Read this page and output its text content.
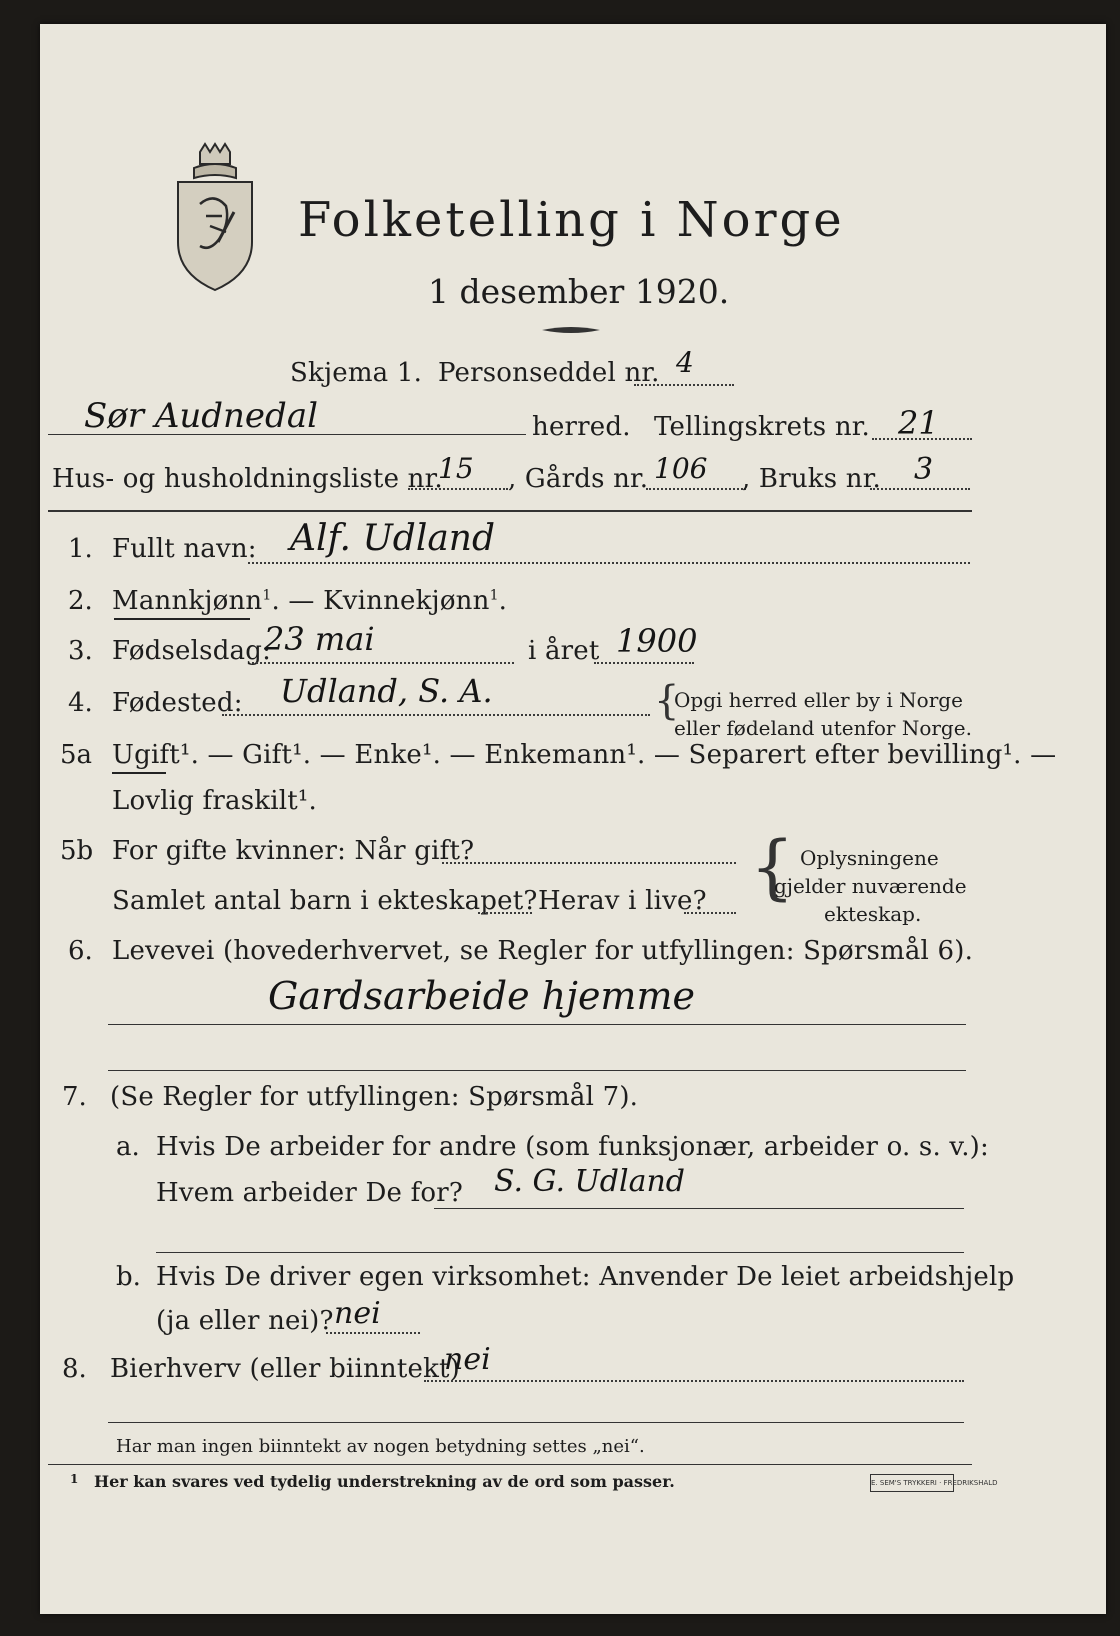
Folketelling i Norge
1 desember 1920.
Skjema 1. Personseddel nr. 4
Sør Audnedal	herred. Tellingskrets nr. 21
Hus- og husholdningsliste nr.
15 , Gårds nr. 106 , Bruks nr. 3
1. Fullt navn: Alf. Udland
2. Mannkjønn$^1$. — Kvinnekjønn$^1$.
3. Fødselsdag:
23 mai	i året 1900
4. Fødested: Udland, S. A.	{
Opgi herred eller by i Norge
eller fødeland utenfor Norge.
5a Ugift¹. — Gift¹. — Enke¹. — Enkemann¹. — Separert efter bevilling¹. —
Lovlig fraskilt¹.
5b For gifte kvinner: Når gift?
Samlet antal barn i ekteskapet? Herav i live? { Oplysningene
gjelder nuværende
ekteskap.
6. Levevei (hovederhvervet, se Regler for utfyllingen: Spørsmål 6).
Gardsarbeide hjemme
7. (Se Regler for utfyllingen: Spørsmål 7).
a. Hvis De arbeider for andre (som funksjonær, arbeider o. s. v.):
Hvem arbeider De for? S. G. Udland
b. Hvis De driver egen virksomhet: Anvender De leiet arbeidshjelp
(ja eller nei)? nei
8. Bierhverv (eller biinntekt)
nei
Har man ingen biinntekt av nogen betydning settes „nei“.
1 Her kan svares ved tydelig understrekning av de ord som passer.	E. SEM'S TRYKKERI · FREDRIKSHALD
